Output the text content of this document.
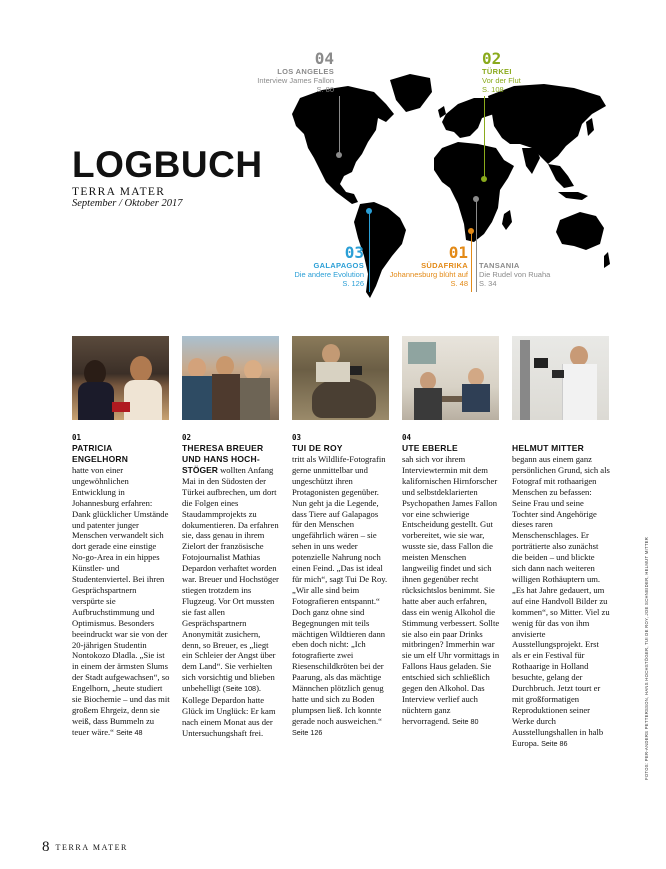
LOGBUCH
TERRA MATER
September / Oktober 2017
04
LOS ANGELES
Interview James Fallon
S. 80
02
TÜRKEI
Vor der Flut
S. 108
03
GALAPAGOS
Die andere Evolution
S. 126
01
SÜDAFRIKA
Johannesburg blüht auf
S. 48
TANSANIA
Die Rudel von Ruaha
S. 34
01
PATRICIA ENGELHORN
hatte von einer ungewöhnlichen Entwicklung in Johannesburg erfahren: Dank glücklicher Umstände und patenter junger Menschen verwandelt sich dort gerade eine einstige No-go-Area in ein hippes Künstler- und Studentenviertel. Bei ihren Gesprächspartnern verspürte sie Aufbruchstimmung und Optimismus. Besonders beeindruckt war sie von der 20-jährigen Studentin Nontokozo Dladla. „Sie ist in einem der ärmsten Slums der Stadt aufgewachsen“, so Engelhorn, „heute studiert sie Biochemie – und das mit großem Ehrgeiz, denn sie weiß, dass Bummeln zu teuer wäre.“ Seite 48
02
THERESA BREUER UND HANS HOCH-
STÖGER wollten Anfang Mai in den Südosten der Türkei aufbrechen, um dort die Folgen eines Staudammprojekts zu dokumentieren. Da erfahren sie, dass genau in ihrem Zielort der französische Fotojournalist Mathias Depardon verhaftet worden war. Breuer und Hochstöger stiegen trotzdem ins Flugzeug. Vor Ort mussten sie fast allen Gesprächspartnern Anonymität zusichern, denn, so Breuer, es „liegt ein Schleier der Angst über dem Land“. Sie verhielten sich vorsichtig und blieben unbehelligt (Seite 108). Kollege Depardon hatte Glück im Unglück: Er kam nach einem Monat aus der Untersuchungshaft frei.
03
TUI DE ROY
tritt als Wildlife-Fotografin gerne unmittelbar und ungeschützt ihren Protagonisten gegenüber. Nun geht ja die Legende, dass Tiere auf Galapagos für den Menschen ungefährlich wären – sie sehen in uns weder potenzielle Nahrung noch einen Feind. „Das ist ideal für mich“, sagt Tui De Roy. „Wir alle sind beim Fotografieren entspannt.“ Doch ganz ohne sind Begegnungen mit teils mächtigen Wildtieren dann eben doch nicht: „Ich fotografierte zwei Riesenschildkröten bei der Paarung, als das mächtige Männchen plötzlich genug hatte und sich zu Boden plumpsen ließ. Ich konnte gerade noch ausweichen.“ Seite 126
04
UTE EBERLE
sah sich vor ihrem Interviewtermin mit dem kalifornischen Hirnforscher und selbstdeklarierten Psychopathen James Fallon vor eine schwierige Entscheidung gestellt. Gut vorbereitet, wie sie war, wusste sie, dass Fallon die meisten Menschen langweilig findet und sich ihnen gegenüber recht rücksichtslos benimmt. Sie hatte aber auch erfahren, dass ein wenig Alkohol die Stimmung verbessert. Sollte sie also ein paar Drinks mitbringen? Immerhin war sie um elf Uhr vormittags in Fallons Haus geladen. Sie entschied sich schließlich gegen den Alkohol. Das Interview verlief auch nüchtern ganz hervorragend. Seite 80
HELMUT MITTER
begann aus einem ganz persönlichen Grund, sich als Fotograf mit rothaarigen Menschen zu befassen: Seine Frau und seine Tochter sind Angehörige dieses raren Menschenschlages. Er porträtierte also zunächst die beiden – und blickte sich dann nach weiteren willigen Rothäuptern um. „Es hat Jahre gedauert, um auf eine Handvoll Bilder zu kommen“, so Mitter. Viel zu wenig für das von ihm anvisierte Ausstellungsprojekt. Erst als er ein Festival für Rothaarige in Holland besuchte, gelang der Durchbruch. Jetzt tourt er mit großformatigen Reproduktionen seiner Werke durch Ausstellungshallen in halb Europa. Seite 86	FOTOS: PER-ANDERS PETTERSSON, HANS HOCHSTÖGER, TUI DE ROY, JOE SCHNEIDER, HELMUT MITTER
8 TERRA MATER
